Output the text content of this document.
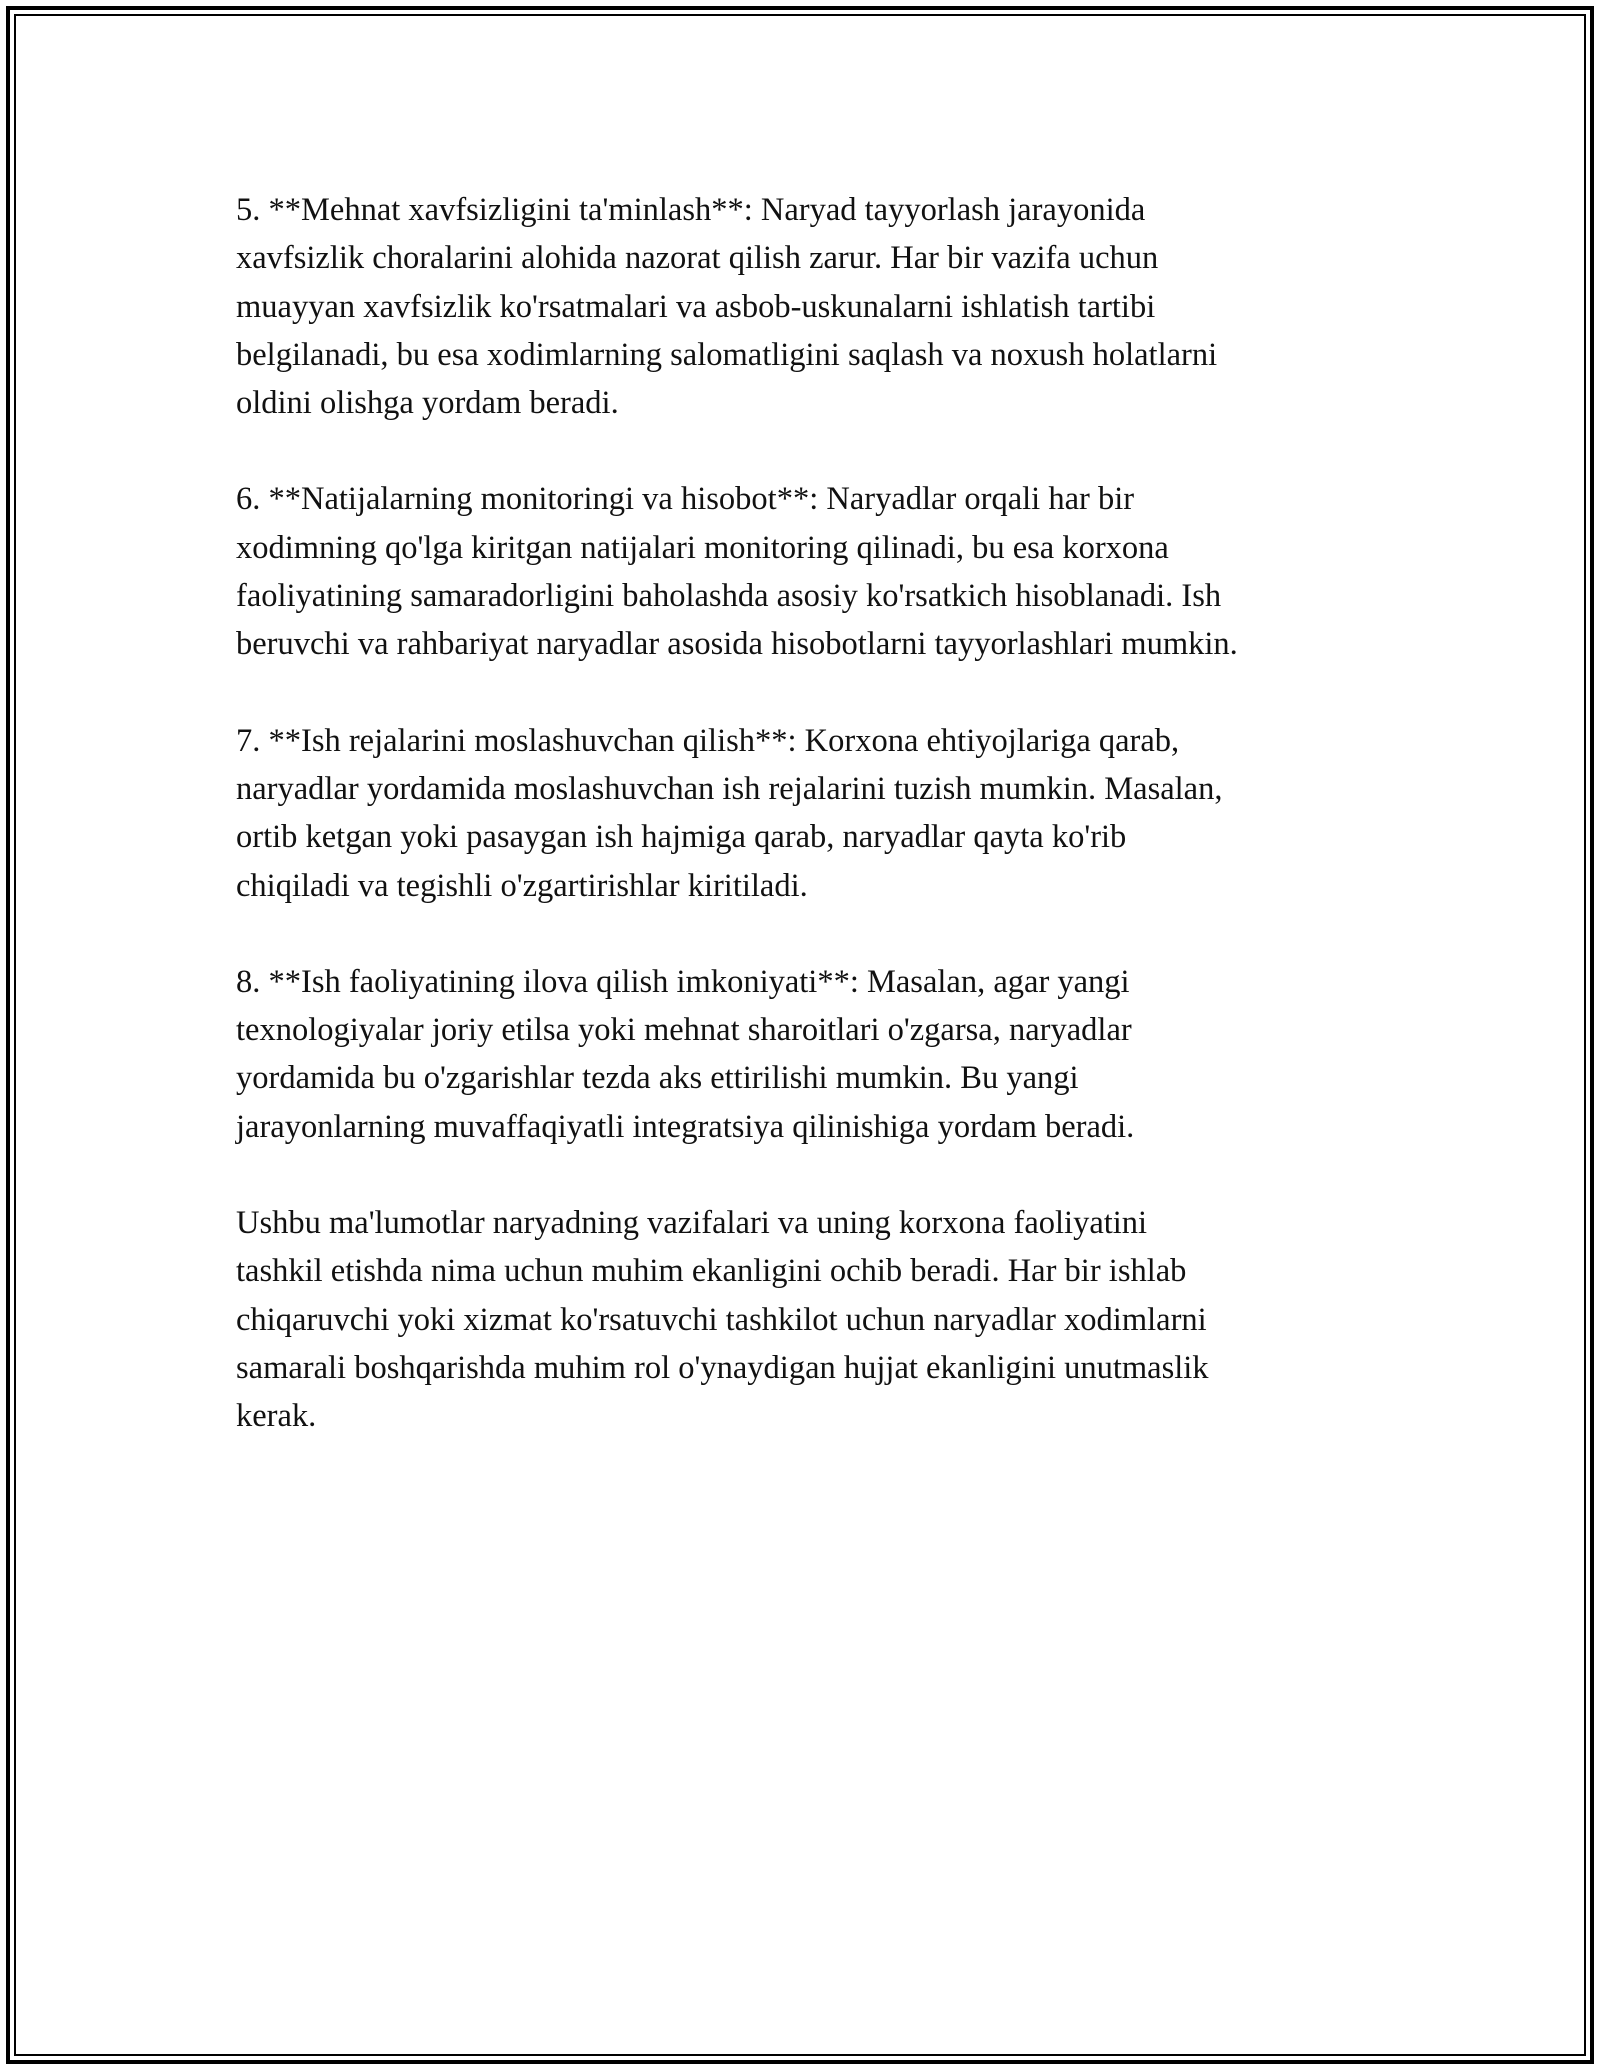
5. **Mehnat xavfsizligini ta'minlash**: Naryad tayyorlash jarayonida
xavfsizlik choralarini alohida nazorat qilish zarur. Har bir vazifa uchun
muayyan xavfsizlik ko'rsatmalari va asbob-uskunalarni ishlatish tartibi
belgilanadi, bu esa xodimlarning salomatligini saqlash va noxush holatlarni
oldini olishga yordam beradi.

6. **Natijalarning monitoringi va hisobot**: Naryadlar orqali har bir
xodimning qo'lga kiritgan natijalari monitoring qilinadi, bu esa korxona
faoliyatining samaradorligini baholashda asosiy ko'rsatkich hisoblanadi. Ish
beruvchi va rahbariyat naryadlar asosida hisobotlarni tayyorlashlari mumkin.

7. **Ish rejalarini moslashuvchan qilish**: Korxona ehtiyojlariga qarab,
naryadlar yordamida moslashuvchan ish rejalarini tuzish mumkin. Masalan,
ortib ketgan yoki pasaygan ish hajmiga qarab, naryadlar qayta ko'rib
chiqiladi va tegishli o'zgartirishlar kiritiladi.

8. **Ish faoliyatining ilova qilish imkoniyati**: Masalan, agar yangi
texnologiyalar joriy etilsa yoki mehnat sharoitlari o'zgarsa, naryadlar
yordamida bu o'zgarishlar tezda aks ettirilishi mumkin. Bu yangi
jarayonlarning muvaffaqiyatli integratsiya qilinishiga yordam beradi.

Ushbu ma'lumotlar naryadning vazifalari va uning korxona faoliyatini
tashkil etishda nima uchun muhim ekanligini ochib beradi. Har bir ishlab
chiqaruvchi yoki xizmat ko'rsatuvchi tashkilot uchun naryadlar xodimlarni
samarali boshqarishda muhim rol o'ynaydigan hujjat ekanligini unutmaslik
kerak.
